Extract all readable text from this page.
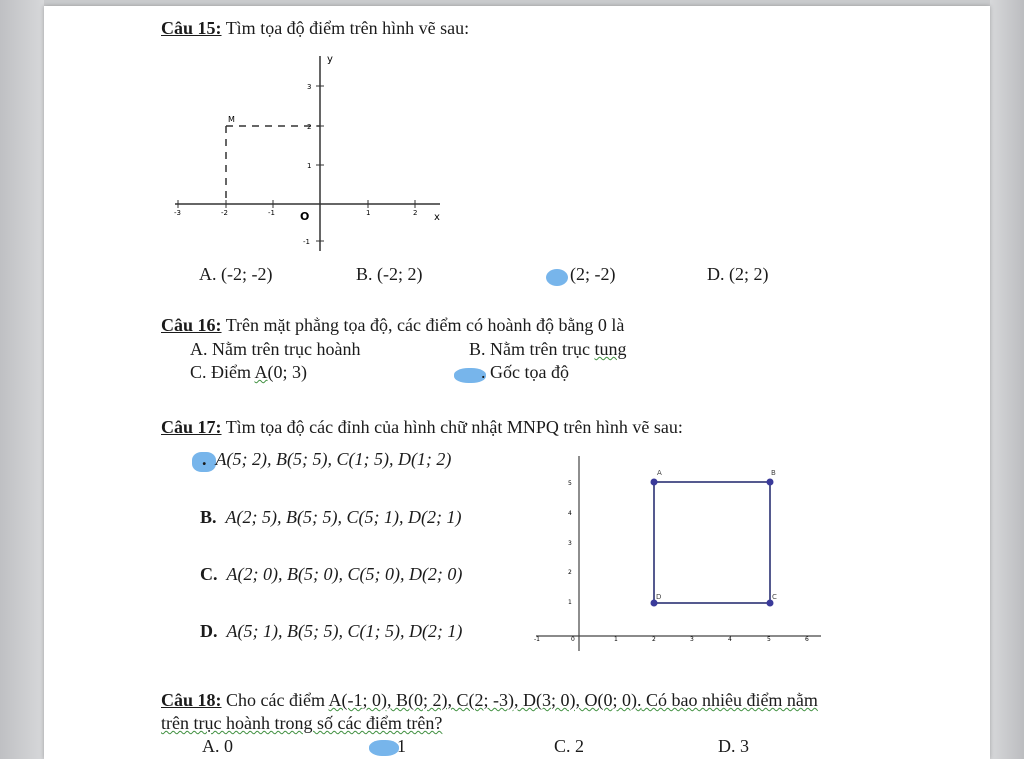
Câu 15: Tìm tọa độ điểm trên hình vẽ sau:
y
x
O
M
-3	-2	-1	1	2
3
2
1
-1
A. (-2; -2)	B. (-2; 2)	(2; -2)	D. (2; 2)
Câu 16: Trên mặt phẳng tọa độ, các điểm có hoành độ bằng 0 là
A. Nằm trên trục hoành	B. Nằm trên trục tung
C. Điểm A(0; 3)	. Gốc tọa độ
Câu 17: Tìm tọa độ các đỉnh của hình chữ nhật MNPQ trên hình vẽ sau:
. A(5; 2), B(5; 5), C(1; 5), D(1; 2)
B. A(2; 5), B(5; 5), C(5; 1), D(2; 1)
C. A(2; 0), B(5; 0), C(5; 0), D(2; 0)
D. A(5; 1), B(5; 5), C(1; 5), D(2; 1)
A	B
C
D
-1	0	1	2	3	4	5	6
5
4
3
2
1
Câu 18: Cho các điểm A(-1; 0), B(0; 2), C(2; -3), D(3; 0), O(0; 0). Có bao nhiêu điểm nằm
trên trục hoành trong số các điểm trên?
A. 0	1	C. 2	D. 3
